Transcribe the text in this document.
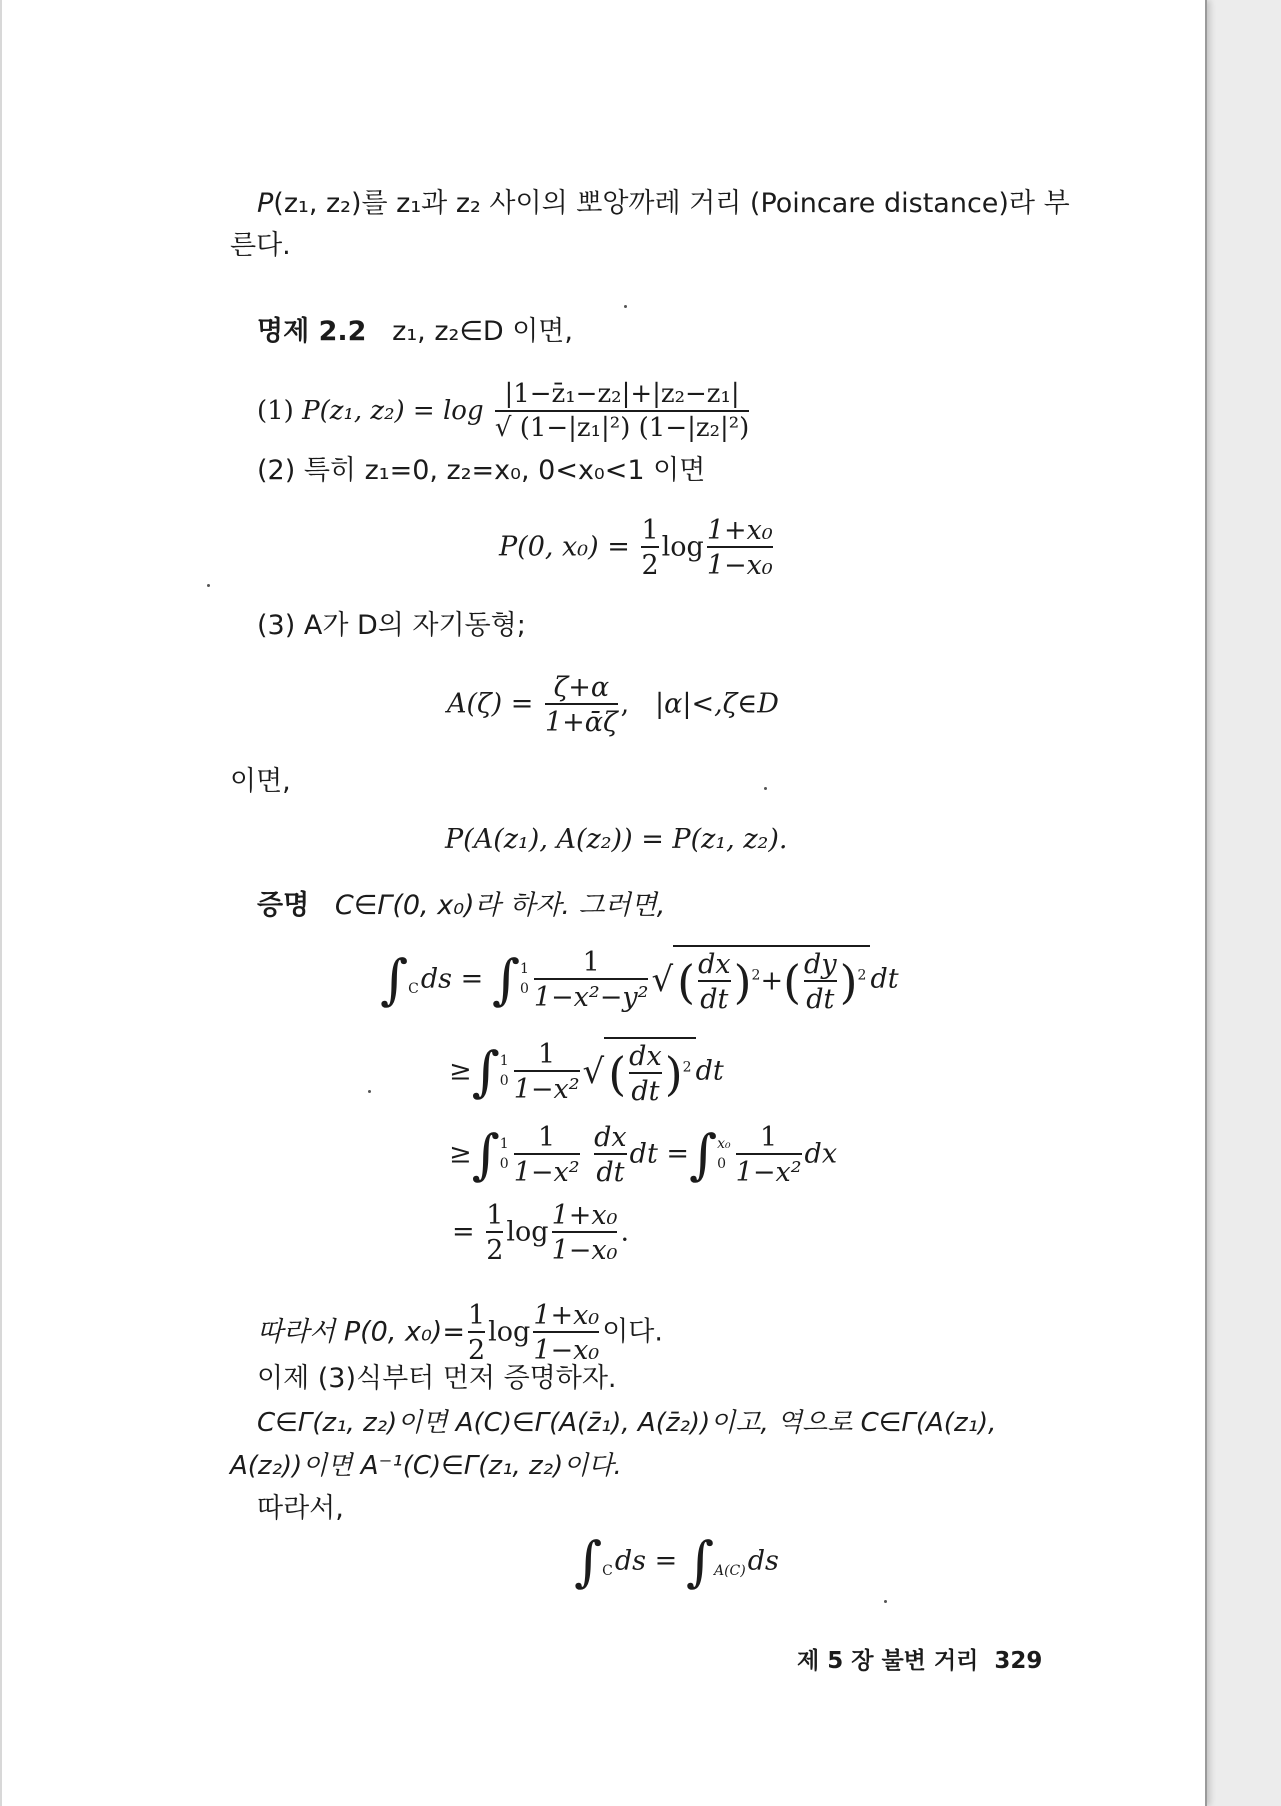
P(z₁, z₂)를 z₁과 z₂ 사이의 뽀앙까레 거리 (Poincare distance)라 부
른다.
명제 2.2 z₁, z₂∈D 이면,
(1) P(z₁, $z_2) = \log \frac{\text{|1−z̄₁−z₂|+|z₂−z₁|}}{\text{√ (1−|z₁|²) (1−|z₂|²)}}$
(2) 특히 z₁=0, z₂=x₀, 0<x₀<1 이면
P(0, $x_0) = \frac{1}{2}$ $\log \frac{\text{1+x₀}}{\text{1−x₀}}$
(3) A가 D의 자기동형;
$A(\zeta) = \frac{\zeta+\alpha}{\text{1+ᾱζ}}$ ,   |α|<,ζ∈D
이면,
P(A(z₁), A(z₂)) = P(z₁, z₂).
증명 C∈Γ(0, x₀)라 하자. 그러면,
∫
C ds = ∫ 1
$0 \frac{1}{\text{1−x²−y²}}$ √( $\frac{dx}{dt} )^2+( \frac{dy}{dt} )^2$ dt
≥∫ 1
$0 \frac{1}{\text{1−x²}}$ √( $\frac{dx}{dt} )^2$ dt
≥∫ 1
$0 \frac{1}{\text{1−x²}}$
$\frac{dx}{dt}$ dt =∫ x₀
$0 \frac{1}{\text{1−x²}}$ dx
= $\frac{1}{2}$ $\log \frac{\text{1+x₀}}{\text{1−x₀}}$ .
따라서 P(0, $x_0)= \frac{1}{2}$ $\log \frac{\text{1+x₀}}{\text{1−x₀}}$ 이다.
이제 (3)식부터 먼저 증명하자.
C∈Γ(z₁, z₂)이면 A(C)∈Γ(A(z̄₁), A(z̄₂))이고, 역으로 C∈Γ(A(z₁),
A(z₂))이면 A⁻¹(C)∈Γ(z₁, z₂)이다.
따라서,
∫
C ds = ∫
A(C) ds
제 5 장 불변 거리 329
